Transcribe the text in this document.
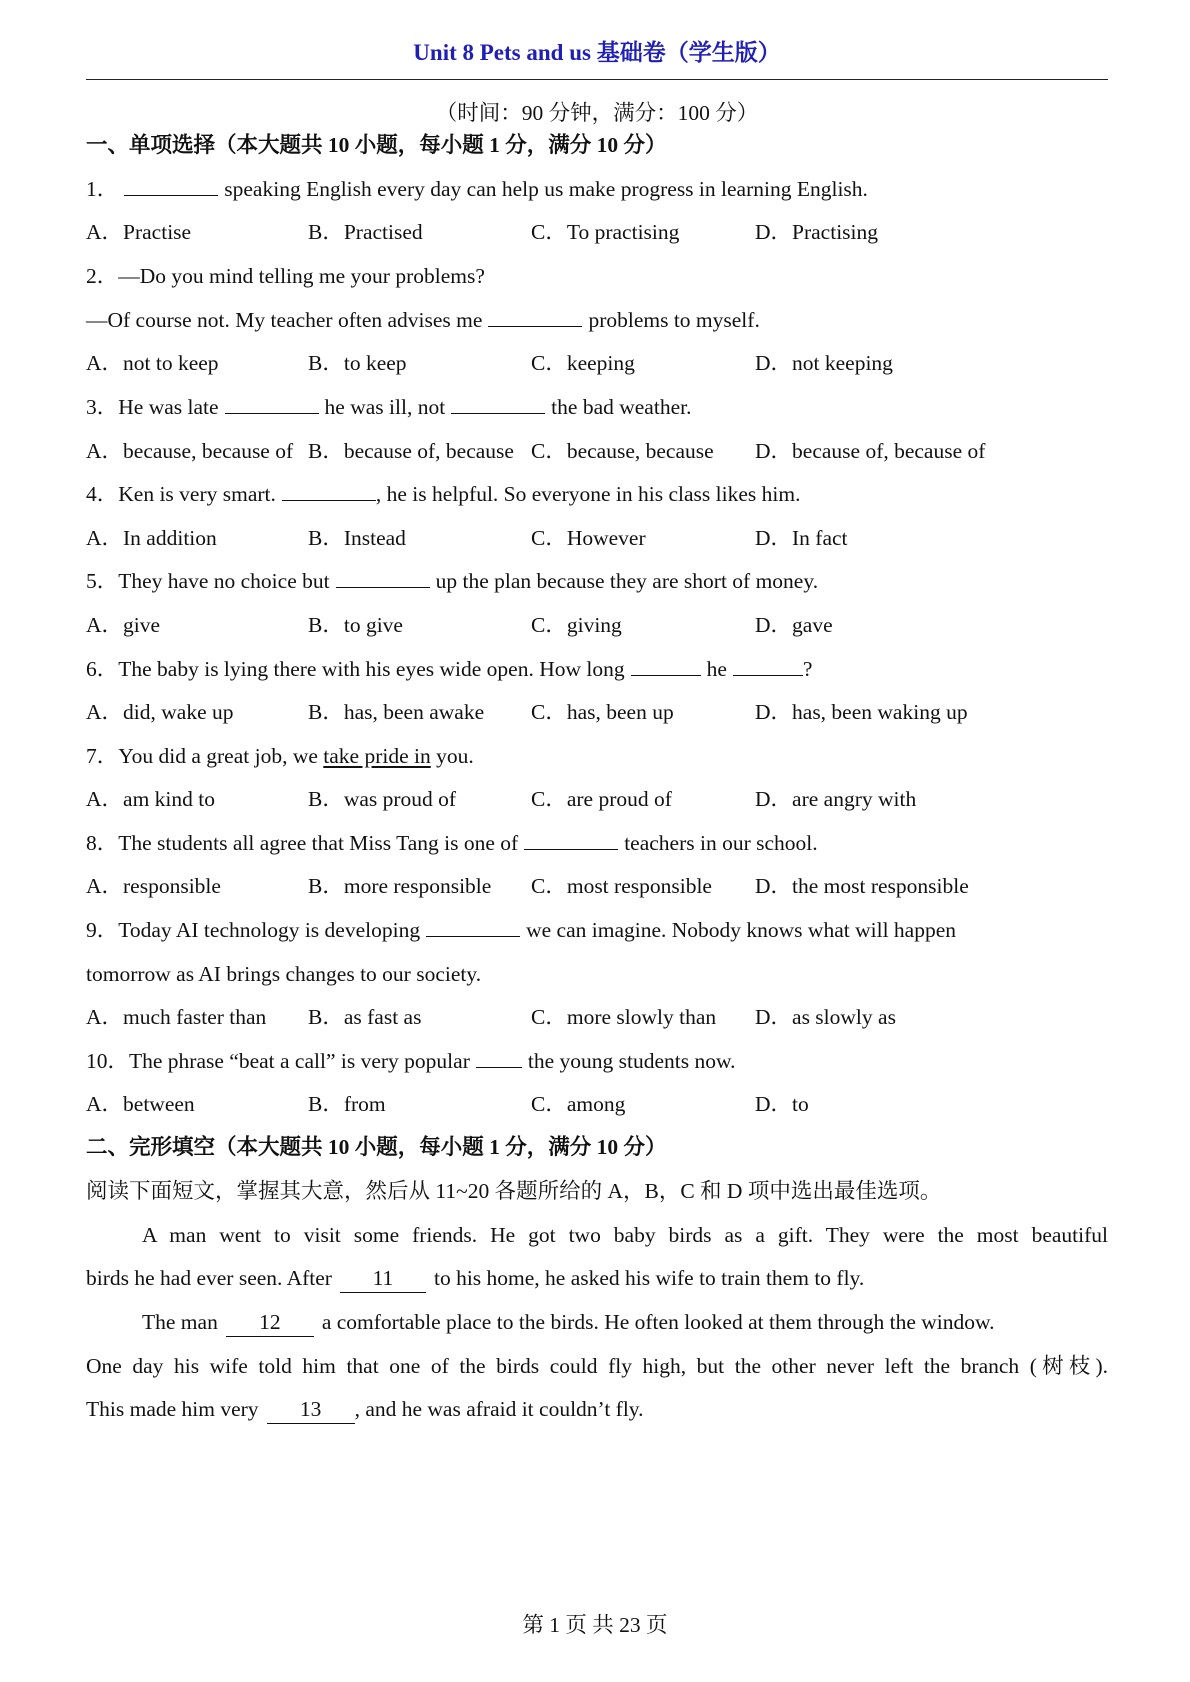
Unit 8 Pets and us 基础卷（学生版）
（时间：90 分钟，满分：100 分）
一、单项选择（本大题共 10 小题，每小题 1 分，满分 10 分）
1．	speaking English every day can help us make progress in learning English.
A．Practise	B．Practised	C．To practising	D．Practising
2．—Do you mind telling me your problems?
—Of course not. My teacher often advises me	problems to myself.
A．not to keep	B．to keep	C．keeping	D．not keeping
3．He was late	he was ill, not	the bad weather.
A．because, because of B．because of, because C．because, because D．because of, because of
4．Ken is very smart.	, he is helpful. So everyone in his class likes him.
A．In addition	B．Instead	C．However	D．In fact
5．They have no choice but	up the plan because they are short of money.
A．give	B．to give	C．giving	D．gave
6．The baby is lying there with his eyes wide open. How long	he	?
A．did, wake up	B．has, been awake C．has, been up	D．has, been waking up
7．You did a great job, we take pride in you.
A．am kind to	B．was proud of	C．are proud of	D．are angry with
8．The students all agree that Miss Tang is one of	teachers in our school.
A．responsible	B．more responsible C．most responsible D．the most responsible
9．Today AI technology is developing	we can imagine. Nobody knows what will happen
tomorrow as AI brings changes to our society.
A．much faster than B．as fast as	C．more slowly than D．as slowly as
10．The phrase “beat a call” is very popular	the young students now.
A．between	B．from	C．among	D．to
二、完形填空（本大题共 10 小题，每小题 1 分，满分 10 分）
阅读下面短文，掌握其大意，然后从 11~20 各题所给的 A，B，C 和 D 项中选出最佳选项。
A man went to visit some friends. He got two baby birds as a gift. They were the most beautiful
birds he had ever seen. After 11 to his home, he asked his wife to train them to fly.
The man 12 a comfortable place to the birds. He often looked at them through the window.
One day his wife told him that one of the birds could fly high, but the other never left the branch (树枝).
This made him very 13 , and he was afraid it couldn’t fly.
第 1 页 共 23 页
